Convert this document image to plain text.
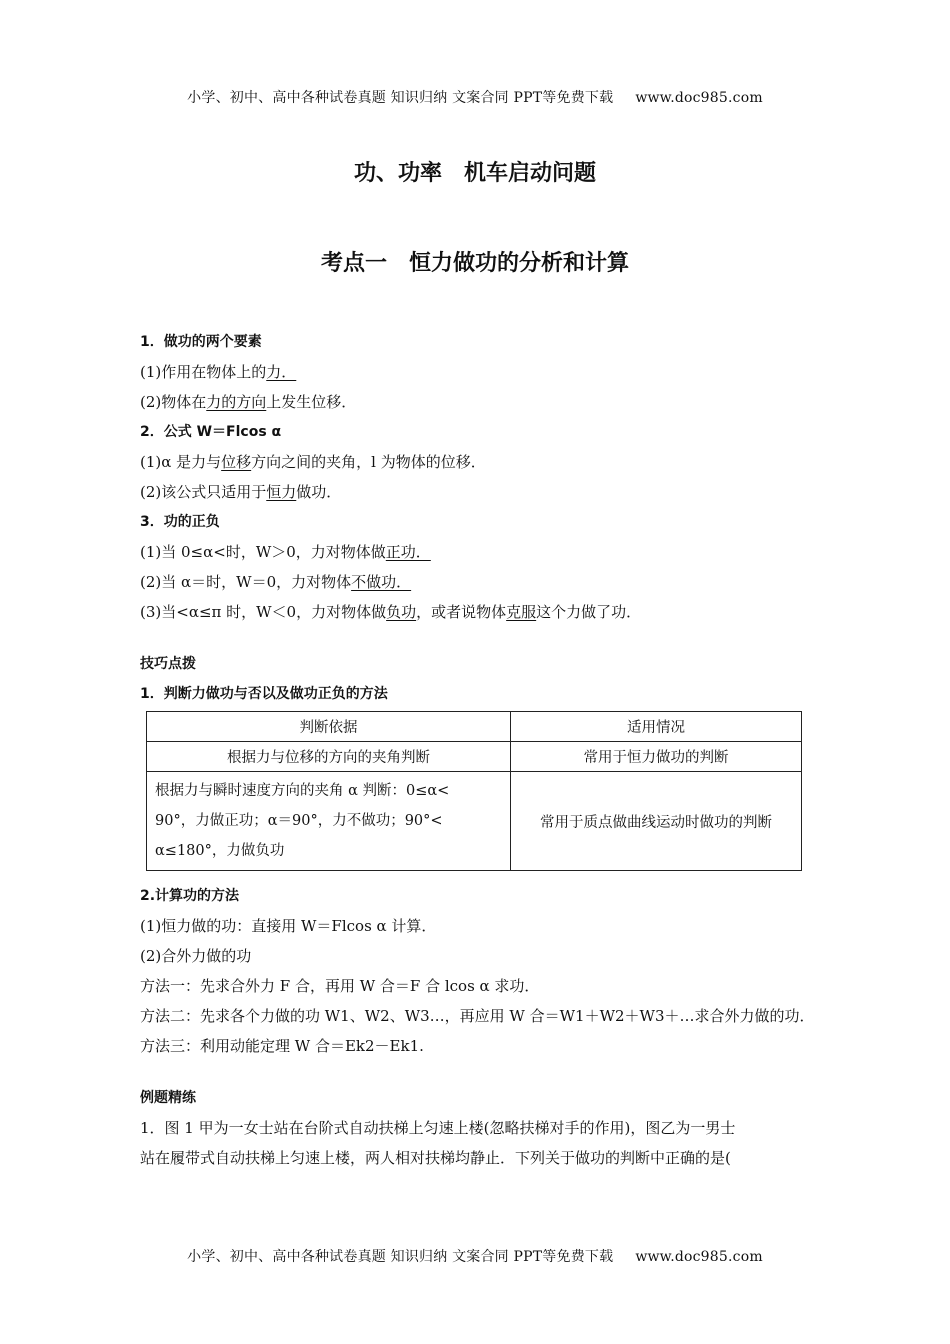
小学、初中、高中各种试卷真题 知识归纳 文案合同 PPT等免费下载 www.doc985.com
功、功率　机车启动问题
考点一　恒力做功的分析和计算
1．做功的两个要素
(1)作用在物体上的力．
(2)物体在力的方向上发生位移．
2．公式 W＝Flcos α
(1)α 是力与位移方向之间的夹角，l 为物体的位移．
(2)该公式只适用于恒力做功．
3．功的正负
(1)当 0≤α<时，W＞0，力对物体做正功．
(2)当 α＝时，W＝0，力对物体不做功．
(3)当<α≤π 时，W＜0，力对物体做负功，或者说物体克服这个力做了功．
技巧点拨
1．判断力做功与否以及做功正负的方法
判断依据	适用情况
根据力与位移的方向的夹角判断	常用于恒力做功的判断

根据力与瞬时速度方向的夹角 α 判断：0≤α<
90°，力做正功；α＝90°，力不做功；90°<
α≤180°，力做负功	常用于质点做曲线运动时做功的判断
2.计算功的方法
(1)恒力做的功：直接用 W＝Flcos α 计算．
(2)合外力做的功
方法一：先求合外力 F 合，再用 W 合＝F 合 lcos α 求功．
方法二：先求各个力做的功 W1、W2、W3…，再应用 W 合＝W1＋W2＋W3＋…求合外力做的功．
方法三：利用动能定理 W 合＝Ek2－Ek1.
例题精练
1．图 1 甲为一女士站在台阶式自动扶梯上匀速上楼(忽略扶梯对手的作用)，图乙为一男士
站在履带式自动扶梯上匀速上楼，两人相对扶梯均静止．下列关于做功的判断中正确的是(
小学、初中、高中各种试卷真题 知识归纳 文案合同 PPT等免费下载 www.doc985.com
